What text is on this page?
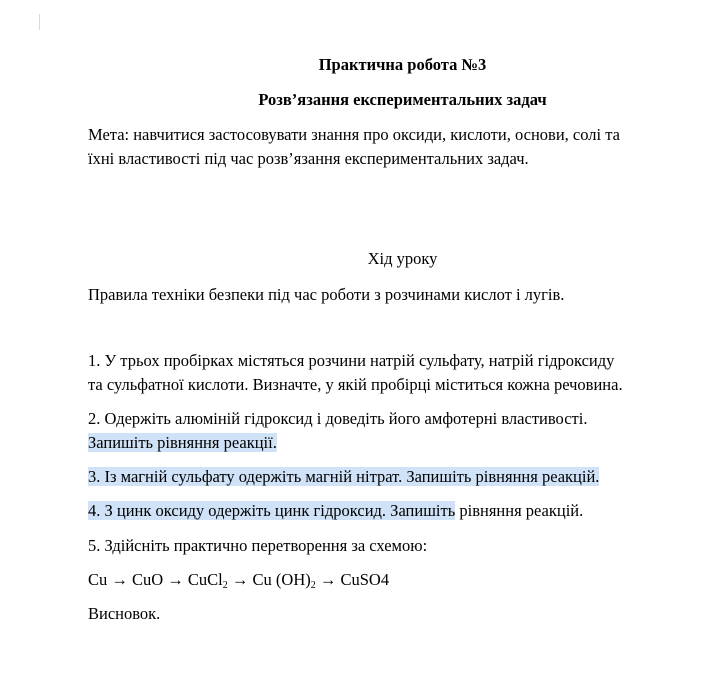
Практична робота №3
Розв’язання експериментальних задач
Мета: навчитися застосовувати знання про оксиди, кислоти, основи, солі та
їхні властивості під час розв’язання експериментальних задач.
Хід уроку
Правила техніки безпеки під час роботи з розчинами кислот і лугів.
1. У трьох пробірках містяться розчини натрій сульфату, натрій гідроксиду
та сульфатної кислоти. Визначте, у якій пробірці міститься кожна речовина.
2. Одержіть алюміній гідроксид і доведіть його амфотерні властивості.
Запишіть рівняння реакції.
3. Із магній сульфату одержіть магній нітрат. Запишіть рівняння реакцій.
4. З цинк оксиду одержіть цинк гідроксид. Запишіть рівняння реакцій.
5. Здійсніть практично перетворення за схемою:
Cu → CuO → CuCl$_2$ → Cu $(OH)_2$ → CuSO4
Висновок.
